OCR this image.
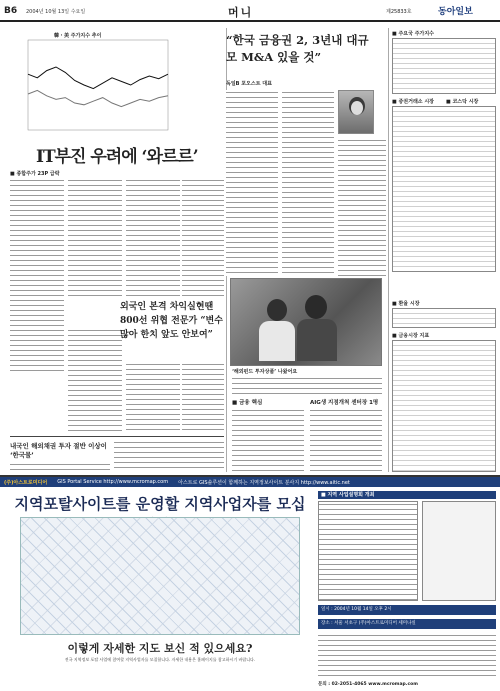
B6 2004년 10월 13일 수요일	머니	제25833호	동아일보
韓・美 주가지수 추이
IT부진 우려에 ‘와르르’
■ 종합주가 23P 급락
외국인 본격 차익실현땐 800선 위협 전문가 “변수 많아 한치 앞도 안보여”
내국인 해외채권 투자 절반 이상이 ‘한국물’
“한국 금융권 2, 3년내 대규모 M&A 있을 것”
독일B 포오스트 대표
‘해외펀드 투자상품’ 나왔어요
■ 금융 핵심	AIG생 지점개척 센터장 1명
■ 주요국 주가지수
■ 증권거래소 시장 ■ 코스닥 시장
■ 환율 시장
■ 금융시장 지표
(주)아스트로미디어 GIS Portal Service http://www.mcromap.com 아스트로 GIS솔루션이 함께하는 지역정보사이트 분사지 http://www.aitic.net
지역포탈사이트를 운영할 지역사업자를 모십
이렇게 자세한 지도 보신 적 있으세요?
전국 지역정보 포탈 사업에 참여할 지역사업자를 모집합니다. 자세한 내용은 홈페이지를 참고하시기 바랍니다.
■ 지역 사업설명회 개최
일시 : 2004년 10월 14일 오후 2시
장소 : 서울 서초구 (주)아스트로미디어 세미나실
문의 : 02-2051-4065 www.mcromap.com
